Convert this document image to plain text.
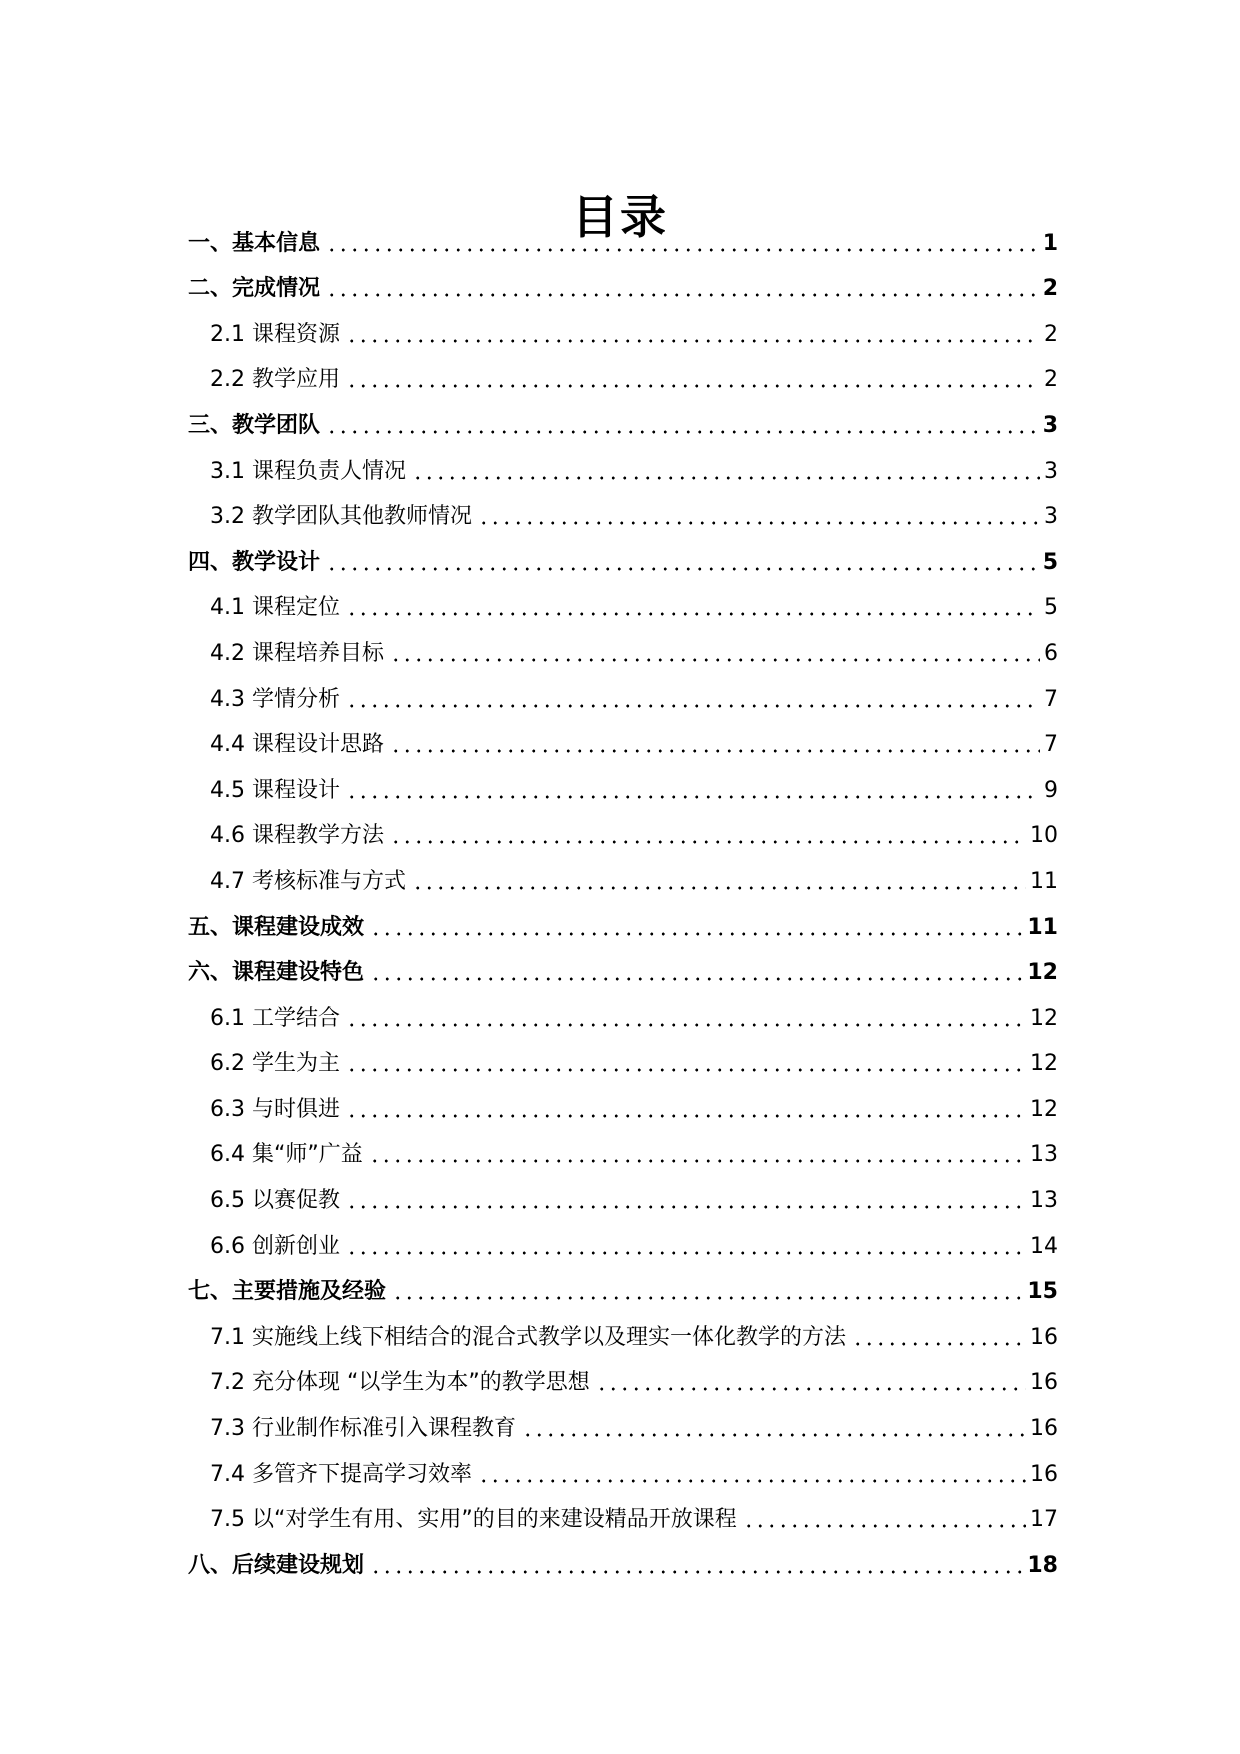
目录
一、基本信息	1
二、完成情况	2
2.1 课程资源	2
2.2 教学应用	2
三、教学团队	3
3.1 课程负责人情况	3
3.2 教学团队其他教师情况	3
四、教学设计	5
4.1 课程定位	5
4.2 课程培养目标	6
4.3 学情分析	7
4.4 课程设计思路	7
4.5 课程设计	9
4.6 课程教学方法	10
4.7 考核标准与方式	11
五、课程建设成效	11
六、课程建设特色	12
6.1 工学结合	12
6.2 学生为主	12
6.3 与时俱进	12
6.4 集“师”广益	13
6.5 以赛促教	13
6.6 创新创业	14
七、主要措施及经验	15
7.1 实施线上线下相结合的混合式教学以及理实一体化教学的方法	16
7.2 充分体现 “以学生为本”的教学思想	16
7.3 行业制作标准引入课程教育	16
7.4 多管齐下提高学习效率	16
7.5 以“对学生有用、实用”的目的来建设精品开放课程	17
八、后续建设规划	18
